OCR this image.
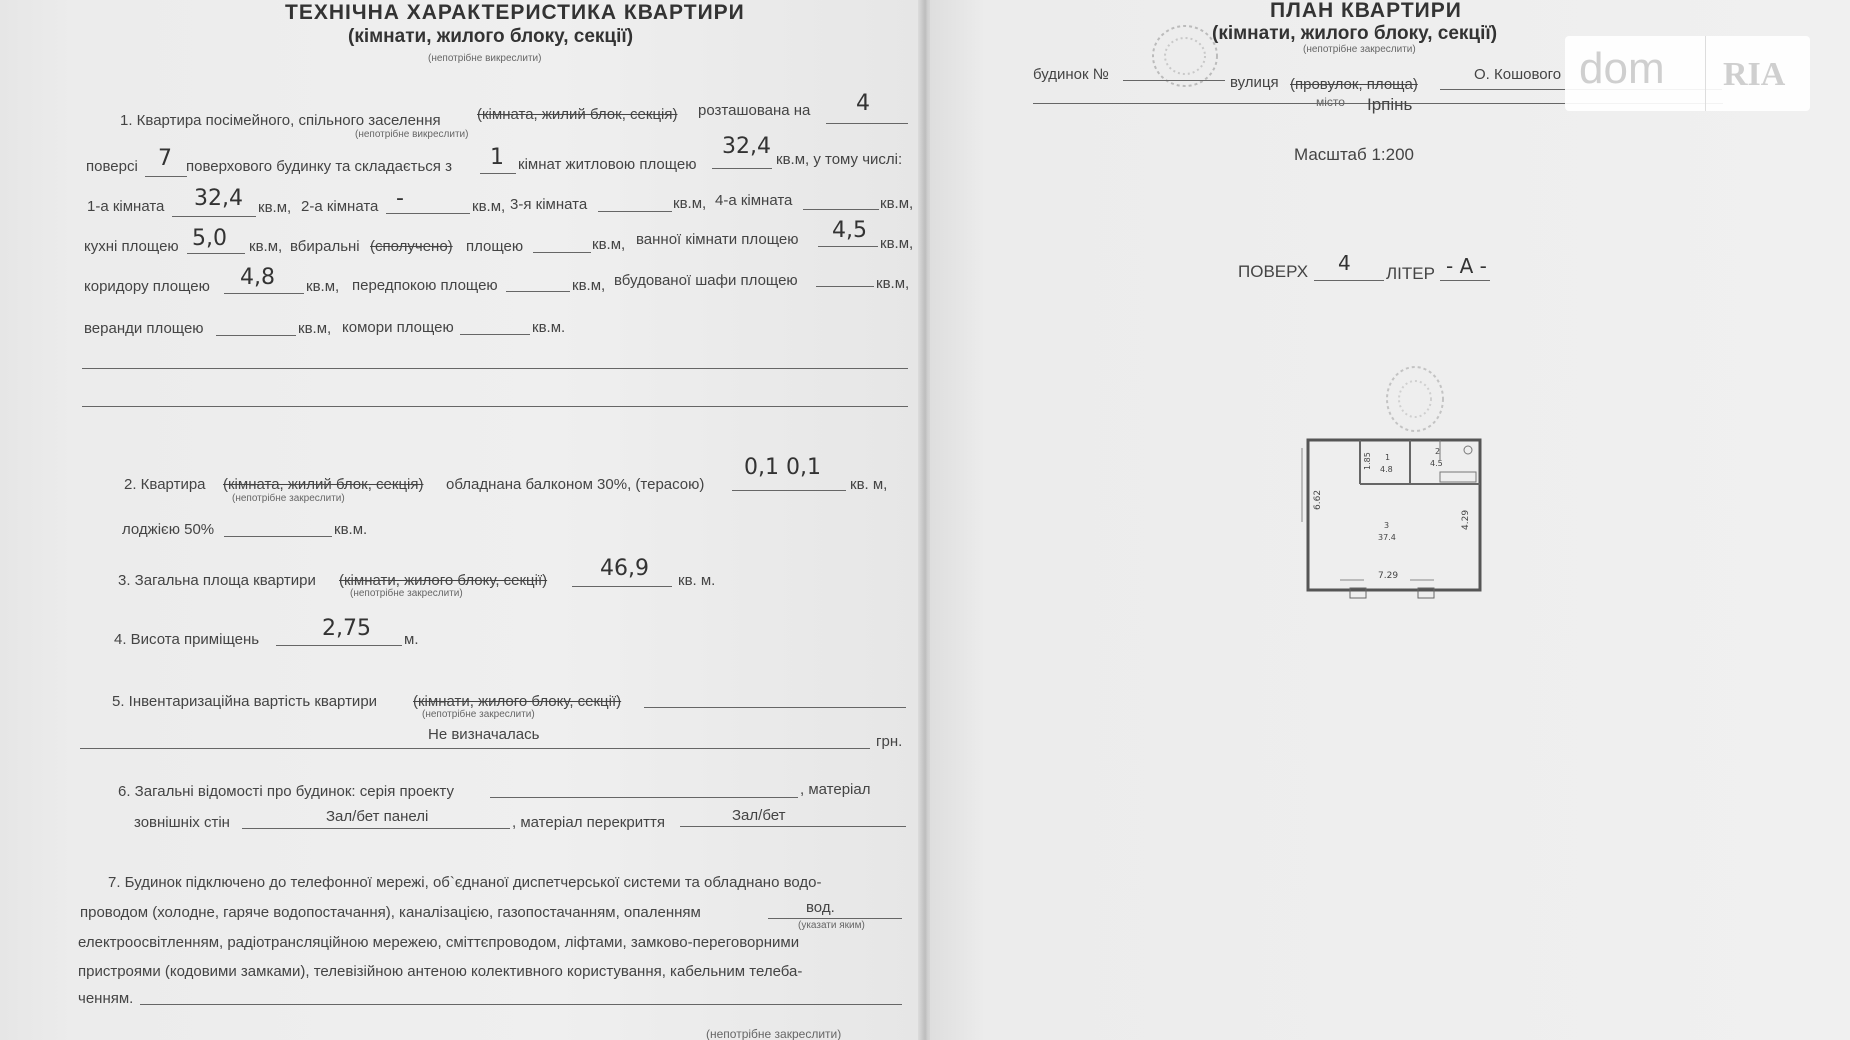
ТЕХНІЧНА ХАРАКТЕРИСТИКА КВАРТИРИ
(кімнати, жилого блоку, секції)
(непотрібне викреслити)
1. Квартира посімейного, спільного заселення (кімната, жилий блок, секція) розташована на 4
(непотрібне викреслити)
поверсі 7 поверхового будинку та складається з 1 кімнат житловою площею
32,4
кв.м, у тому числі:
1-а кімната 32,4 кв.м, 2-а кімната -	кв.м, 3-я кімната	кв.м, 4-а кімната	кв.м,
кухні площею 5,0 кв.м, вбиральні (сполучено) площею	кв.м, ванної кімнати площею 4,5
кв.м,
коридору площею 4,8 кв.м, передпокою площею	кв.м, вбудованої шафи площею	кв.м,
веранди площею	кв.м, комори площею	кв.м.
2. Квартира (кімната, жилий блок, секція) обладнана балконом 30%, (терасою)
0,1 0,1
кв. м,
(непотрібне закреслити)
лоджією 50%	кв.м.
3. Загальна площа квартири (кімнати, жилого блоку, секції) 46,9 кв. м.
(непотрібне закреслити)
4. Висота приміщень	2,75 м.
5. Інвентаризаційна вартість квартири (кімнати, жилого блоку, секції)
(непотрібне закреслити)
Не визначалась	грн.
6. Загальні відомості про будинок: серія проекту	, матеріал
зовнішніх стін	Зал/бет панелі	, матеріал перекриття	Зал/бет
7. Будинок підключено до телефонної мережі, об`єднаної диспетчерської системи та обладнано водо-
проводом (холодне, гаряче водопостачання), каналізацією, газопостачанням, опаленням	вод.
(указати яким)
електроосвітленням, радіотрансляційною мережею, сміттєпроводом, ліфтами, замково-переговорними
пристроями (кодовими замками), телевізійною антеною колективного користування, кабельним телеба-
ченням.
(непотрібне закреслити)
ПЛАН КВАРТИРИ
(кімнати, жилого блоку, секції)
(непотрібне закреслити)
будинок №	вулиця (провулок, площа)
О. Кошового
місто Ірпінь
dom RIA
Масштаб 1:200
ПОВЕРХ 4 ЛІТЕР - А -
6.62
4.29
7.29
1.85 1
4.8
2
4.5
3
37.4
